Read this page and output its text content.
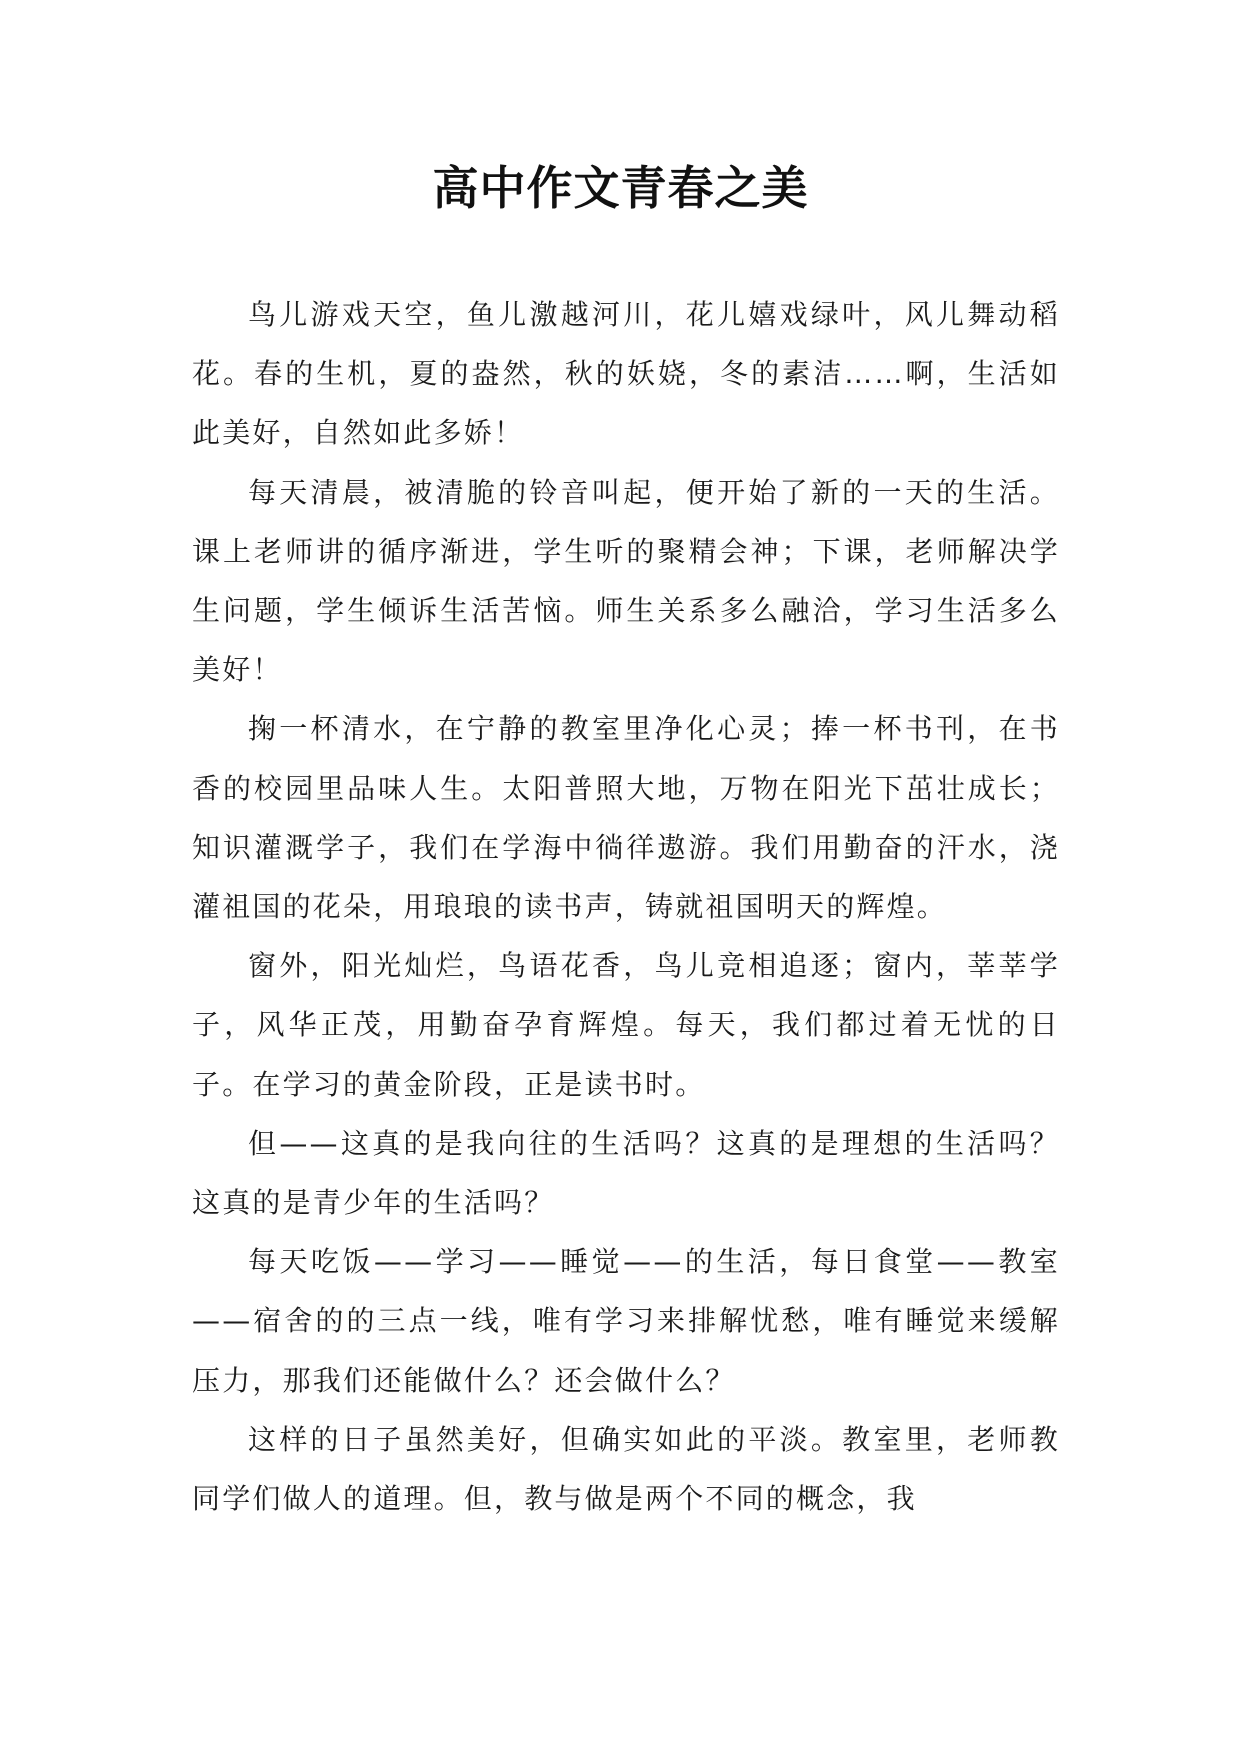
高中作文青春之美

鸟儿游戏天空，鱼儿激越河川，花儿嬉戏绿叶，风儿舞动稻花。春的生机，夏的盎然，秋的妖娆，冬的素洁……啊，生活如此美好，自然如此多娇！

每天清晨，被清脆的铃音叫起，便开始了新的一天的生活。课上老师讲的循序渐进，学生听的聚精会神；下课，老师解决学生问题，学生倾诉生活苦恼。师生关系多么融洽，学习生活多么美好！

掬一杯清水，在宁静的教室里净化心灵；捧一杯书刊，在书香的校园里品味人生。太阳普照大地，万物在阳光下茁壮成长；知识灌溉学子，我们在学海中徜徉遨游。我们用勤奋的汗水，浇灌祖国的花朵，用琅琅的读书声，铸就祖国明天的辉煌。

窗外，阳光灿烂，鸟语花香，鸟儿竞相追逐；窗内，莘莘学子，风华正茂，用勤奋孕育辉煌。每天，我们都过着无忧的日子。在学习的黄金阶段，正是读书时。

但——这真的是我向往的生活吗？这真的是理想的生活吗？这真的是青少年的生活吗？

每天吃饭——学习——睡觉——的生活，每日食堂——教室——宿舍的的三点一线，唯有学习来排解忧愁，唯有睡觉来缓解压力，那我们还能做什么？还会做什么？

这样的日子虽然美好，但确实如此的平淡。教室里，老师教同学们做人的道理。但，教与做是两个不同的概念，我
